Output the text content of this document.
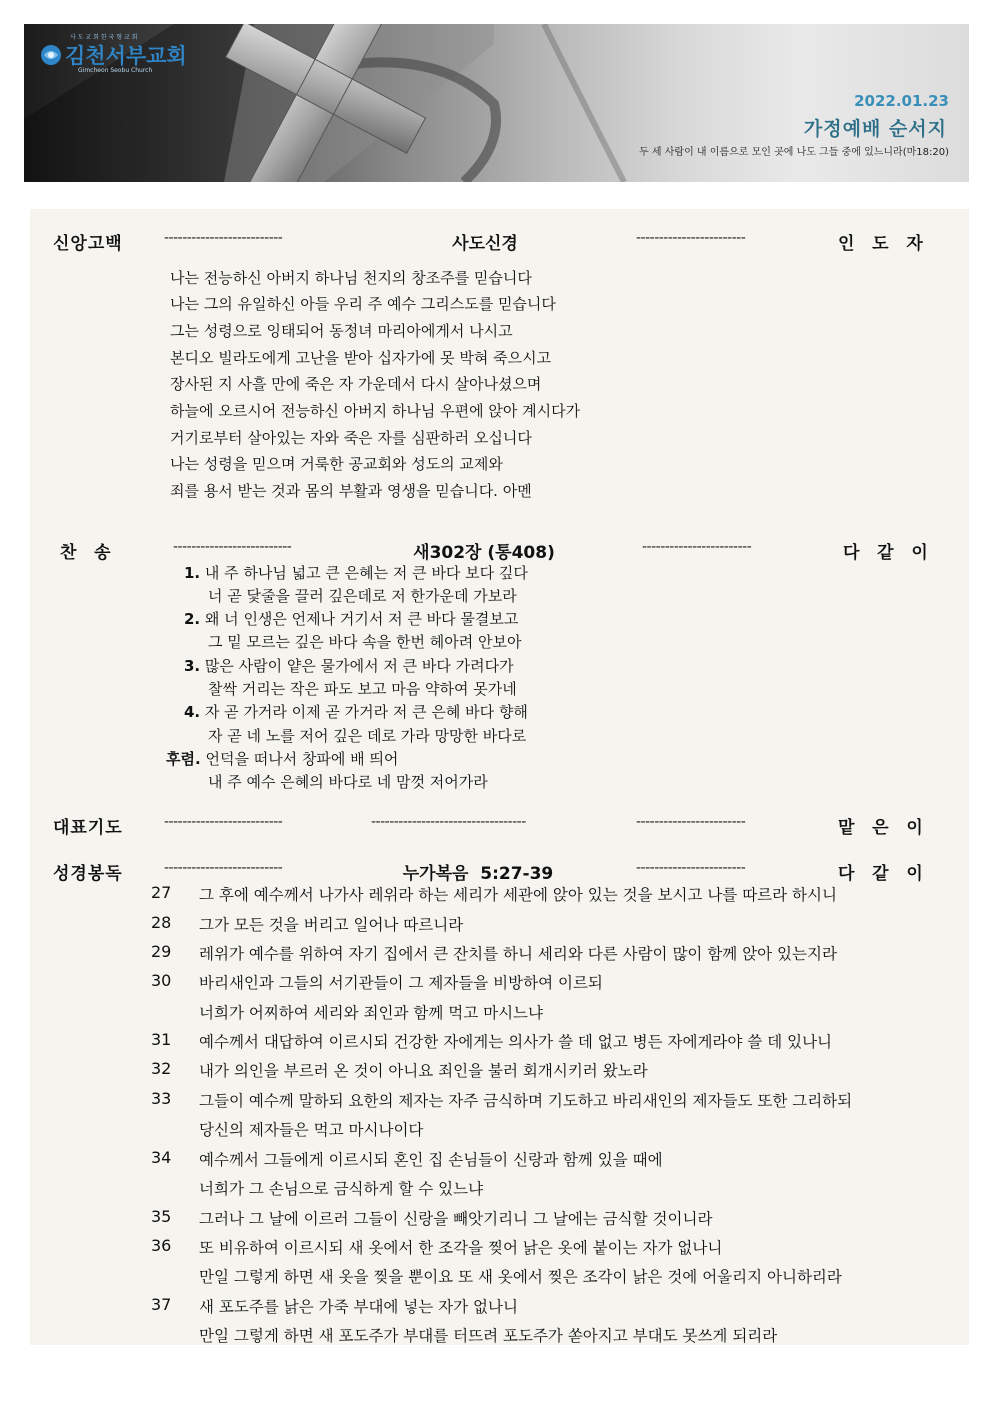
김천서부교회
사 도 교 회 한 국 형 교 회
Gimcheon Seobu Church
2022.01.23
가정예배 순서지
두 세 사람이 내 이름으로 모인 곳에 나도 그들 중에 있느니라(마18:20)
신앙고백	--------------------------	사도신경	------------------------	인   도   자
나는 전능하신 아버지 하나님 천지의 창조주를 믿습니다
나는 그의 유일하신 아들 우리 주 예수 그리스도를 믿습니다
그는 성령으로 잉태되어 동정녀 마리아에게서 나시고
본디오 빌라도에게 고난을 받아 십자가에 못 박혀 죽으시고
장사된 지 사흘 만에 죽은 자 가운데서 다시 살아나셨으며
하늘에 오르시어 전능하신 아버지 하나님 우편에 앉아 계시다가
거기로부터 살아있는 자와 죽은 자를 심판하러 오십니다
나는 성령을 믿으며 거룩한 공교회와 성도의 교제와
죄를 용서 받는 것과 몸의 부활과 영생을 믿습니다. 아멘
찬   송	--------------------------	새302장 (통408)	------------------------	다   같   이
1. 내 주 하나님 넓고 큰 은혜는 저 큰 바다 보다 깊다
너 곧 닻줄을 끌러 깊은데로 저 한가운데 가보라
2. 왜 너 인생은 언제나 거기서 저 큰 바다 물결보고
그 밑 모르는 깊은 바다 속을 한번 헤아려 안보아
3. 많은 사람이 얕은 물가에서 저 큰 바다 가려다가
찰싹 거리는 작은 파도 보고 마음 약하여 못가네
4. 자 곧 가거라 이제 곧 가거라 저 큰 은혜 바다 향해
자 곧 네 노를 저어 깊은 데로 가라 망망한 바다로
후렴. 언덕을 떠나서 창파에 배 띄어
내 주 예수 은혜의 바다로 네 맘껏 저어가라
대표기도	--------------------------	----------------------------------	------------------------	맡   은   이
성경봉독	--------------------------	누가복음  5:27-39	------------------------	다   같   이
27 그 후에 예수께서 나가사 레위라 하는 세리가 세관에 앉아 있는 것을 보시고 나를 따르라 하시니
28 그가 모든 것을 버리고 일어나 따르니라
29 레위가 예수를 위하여 자기 집에서 큰 잔치를 하니 세리와 다른 사람이 많이 함께 앉아 있는지라
30 바리새인과 그들의 서기관들이 그 제자들을 비방하여 이르되
너희가 어찌하여 세리와 죄인과 함께 먹고 마시느냐
31 예수께서 대답하여 이르시되 건강한 자에게는 의사가 쓸 데 없고 병든 자에게라야 쓸 데 있나니
32 내가 의인을 부르러 온 것이 아니요 죄인을 불러 회개시키러 왔노라
33 그들이 예수께 말하되 요한의 제자는 자주 금식하며 기도하고 바리새인의 제자들도 또한 그리하되
당신의 제자들은 먹고 마시나이다
34 예수께서 그들에게 이르시되 혼인 집 손님들이 신랑과 함께 있을 때에
너희가 그 손님으로 금식하게 할 수 있느냐
35 그러나 그 날에 이르러 그들이 신랑을 빼앗기리니 그 날에는 금식할 것이니라
36 또 비유하여 이르시되 새 옷에서 한 조각을 찢어 낡은 옷에 붙이는 자가 없나니
만일 그렇게 하면 새 옷을 찢을 뿐이요 또 새 옷에서 찢은 조각이 낡은 것에 어울리지 아니하리라
37 새 포도주를 낡은 가죽 부대에 넣는 자가 없나니
만일 그렇게 하면 새 포도주가 부대를 터뜨려 포도주가 쏟아지고 부대도 못쓰게 되리라
